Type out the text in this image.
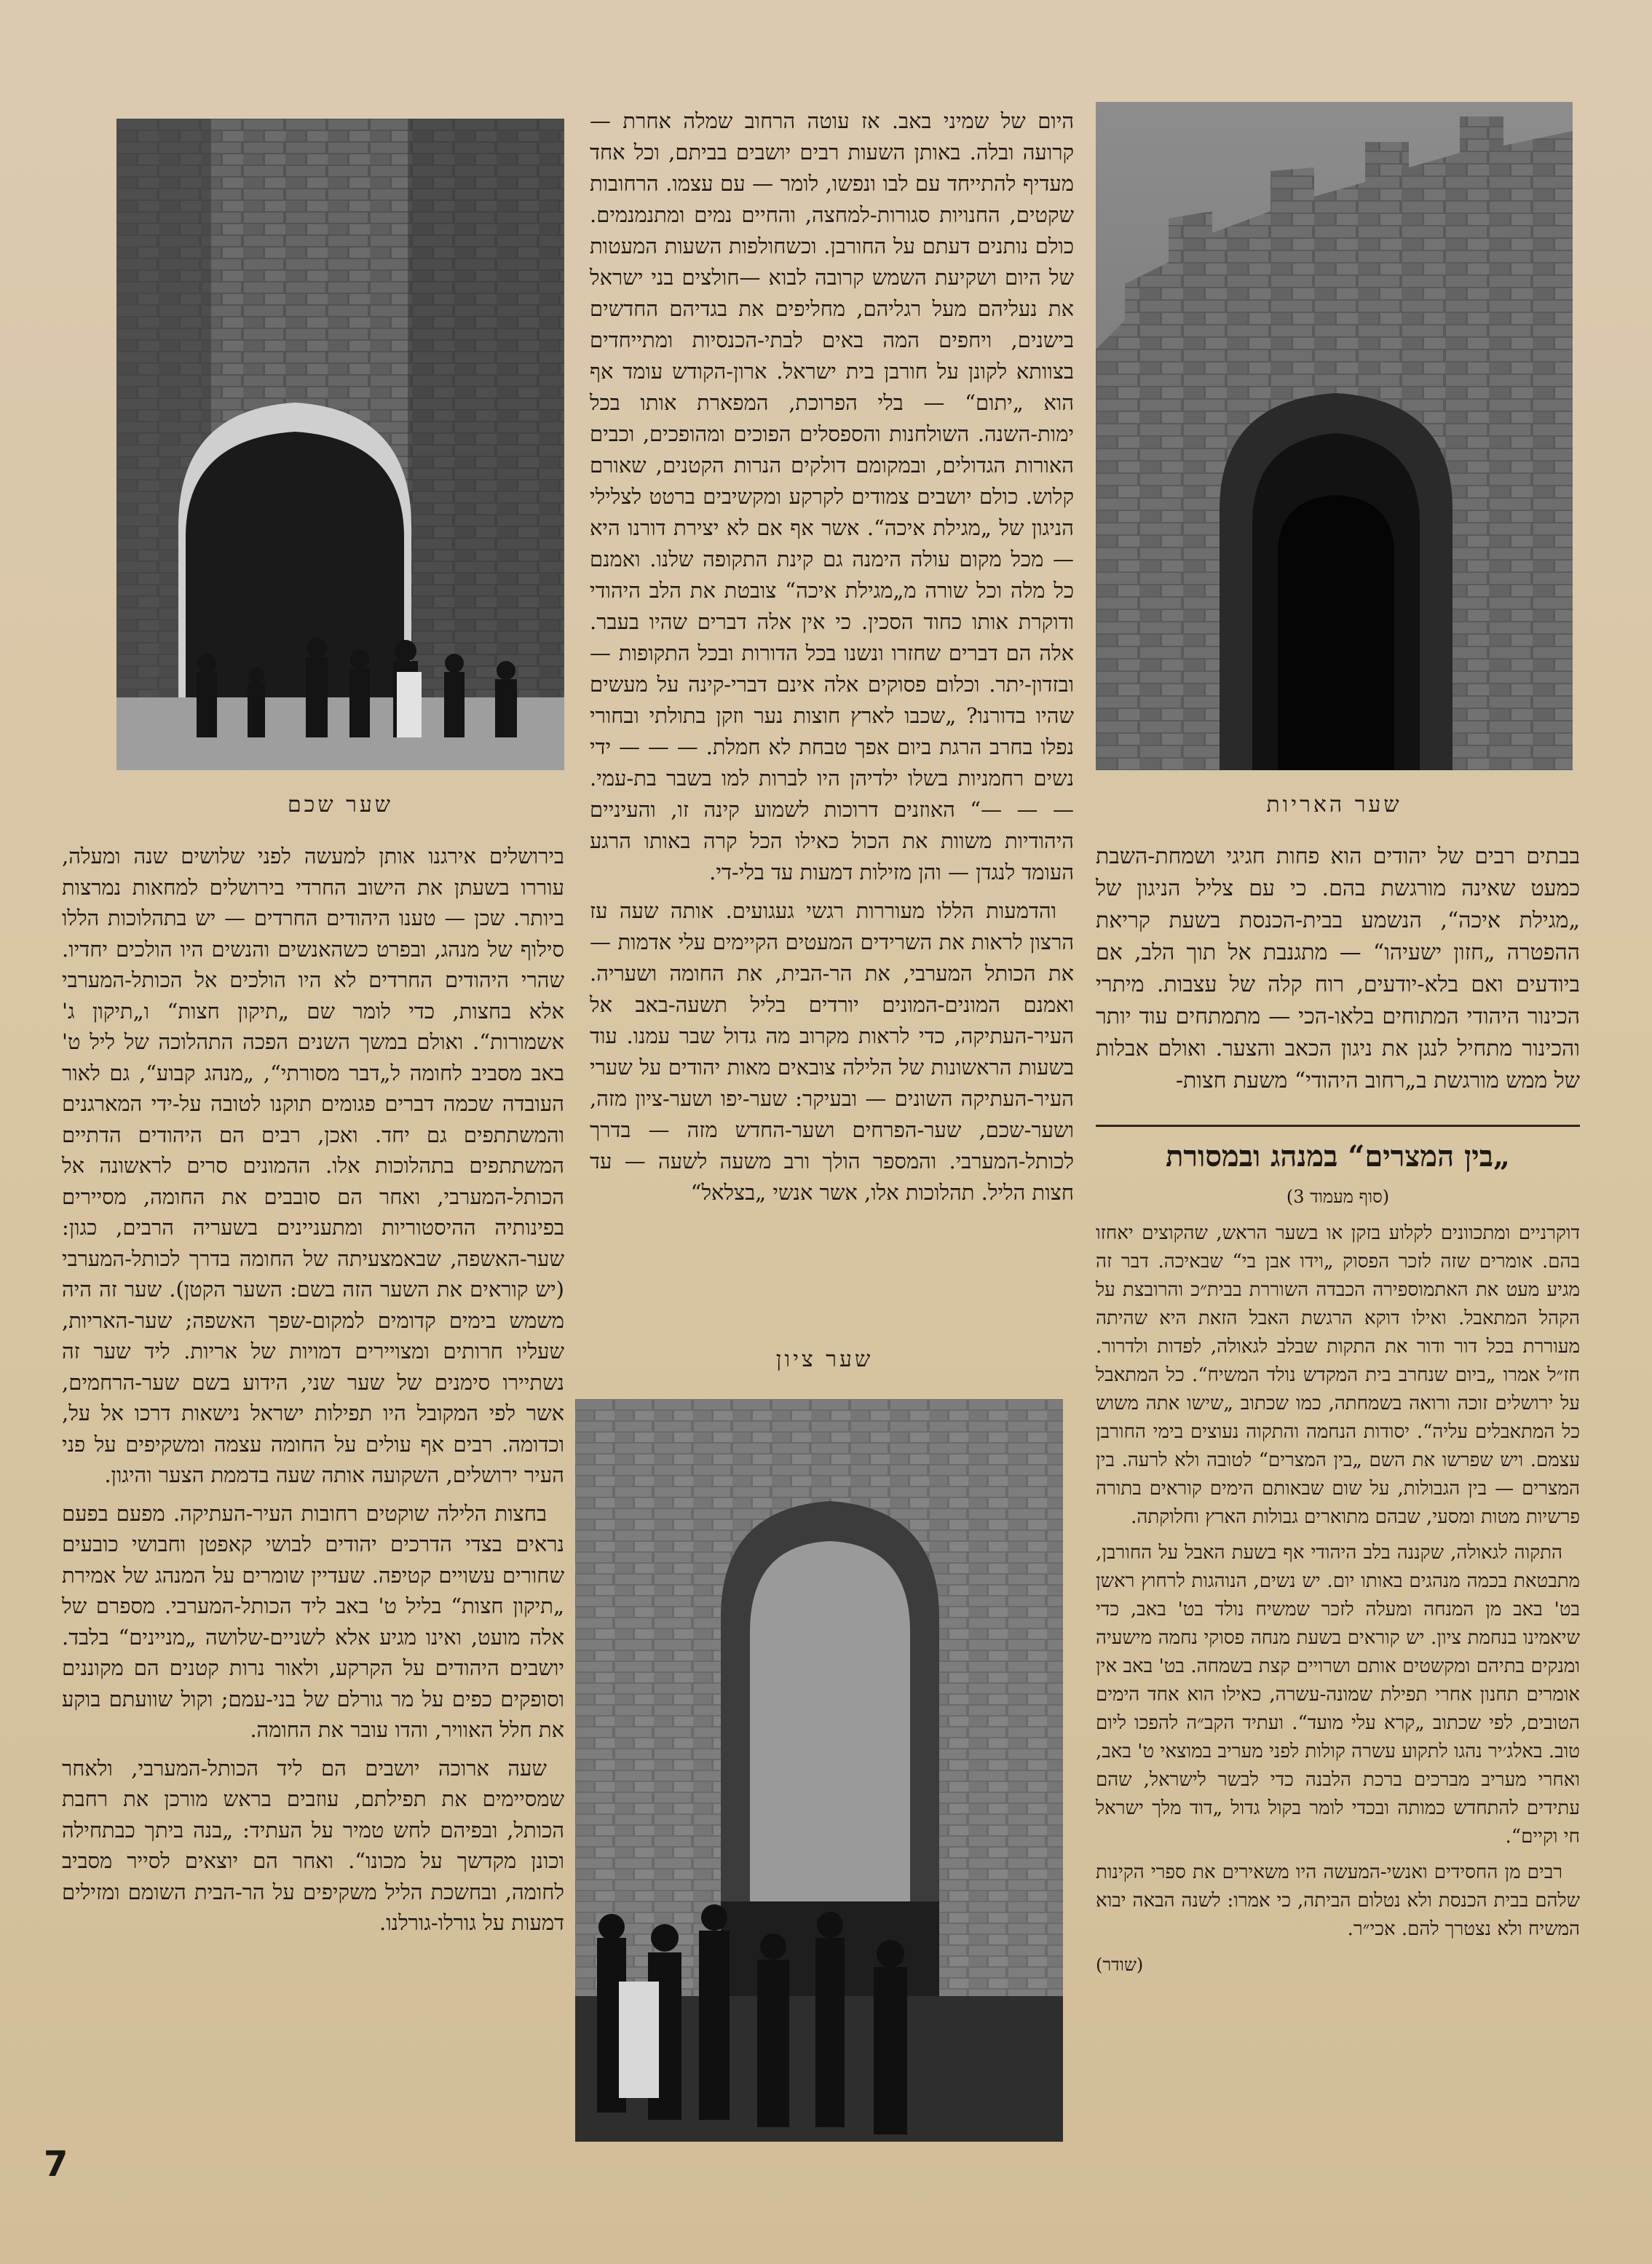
שער האריות

בבתים רבים של יהודים הוא פחות חגיגי ושמחת-השבת כמעט שאינה מורגשת בהם. כי עם צליל הניגון של „מגילת איכה“, הנשמע בבית-הכנסת בשעת קריאת ההפטרה „חזון ישעיהו“ — מתגנבת אל תוך הלב, אם ביודעים ואם בלא-יודעים, רוח קלה של עצבות. מיתרי הכינור היהודי המתוחים בלאו-הכי — מתמתחים עוד יותר והכינור מתחיל לנגן את ניגון הכאב והצער. ואולם אבלות של ממש מורגשת ב„רחוב היהודי“ משעת חצות-

„בין המצרים“ במנהג ובמסורת
(סוף מעמוד 3)

דוקרניים ומתכוונים לקלוע בזקן או בשער הראש, שהקוצים יאחזו בהם. אומרים שזה לזכר הפסוק „וידו אבן בי“ שבאיכה. דבר זה מגיע מעט את האתמוספירה הכבדה השוררת בבית״כ והרובצת על הקהל המתאבל. ואילו דוקא הרגשת האבל הזאת היא שהיתה מעוררת בכל דור ודור את התקות שבלב לגאולה, לפדות ולדרור. חז״ל אמרו „ביום שנחרב בית המקדש נולד המשיח“. כל המתאבל על ירושלים זוכה ורואה בשמחתה, כמו שכתוב „שישו אתה משוש כל המתאבלים עליה“. יסודות הנחמה והתקוה נעוצים בימי החורבן עצמם. ויש שפרשו את השם „בין המצרים“ לטובה ולא לרעה. בין המצרים — בין הגבולות, על שום שבאותם הימים קוראים בתורה פרשיות מטות ומסעי, שבהם מתוארים גבולות הארץ וחלוקתה.

התקוה לגאולה, שקננה בלב היהודי אף בשעת האבל על החורבן, מתבטאת בכמה מנהגים באותו יום. יש נשים, הנוהגות לרחוץ ראשן בט' באב מן המנחה ומעלה לזכר שמשיח נולד בט' באב, כדי שיאמינו בנחמת ציון. יש קוראים בשעת מנחה פסוקי נחמה מישעיה ומנקים בתיהם ומקשטים אותם ושרויים קצת בשמחה. בט' באב אין אומרים תחנון אחרי תפילת שמונה-עשרה, כאילו הוא אחד הימים הטובים, לפי שכתוב „קרא עלי מועד“. ועתיד הקב״ה להפכו ליום טוב. באלג׳יר נהגו לתקוע עשרה קולות לפני מעריב במוצאי ט' באב, ואחרי מעריב מברכים ברכת הלבנה כדי לבשר לישראל, שהם עתידים להתחדש כמותה ובכדי לומר בקול גדול „דוד מלך ישראל חי וקיים“.

רבים מן החסידים ואנשי-המעשה היו משאירים את ספרי הקינות שלהם בבית הכנסת ולא נטלום הביתה, כי אמרו: לשנה הבאה יבוא המשיח ולא נצטרך להם. אכי״ר.

(שודר)

היום של שמיני באב. אז עוטה הרחוב שמלה אחרת — קרועה ובלה. באותן השעות רבים יושבים בביתם, וכל אחד מעדיף להתייחד עם לבו ונפשו, לומר — עם עצמו. הרחובות שקטים, החנויות סגורות-למחצה, והחיים נמים ומתנמנמים. כולם נותנים דעתם על החורבן. וכשחולפות השעות המעטות של היום ושקיעת השמש קרובה לבוא —חולצים בני ישראל את נעליהם מעל רגליהם, מחליפים את בגדיהם החדשים בישנים, ויחפים המה באים לבתי-הכנסיות ומתייחדים בצוותא לקונן על חורבן בית ישראל. ארון-הקודש עומד אף הוא „יתום“ — בלי הפרוכת, המפארת אותו בכל ימות-השנה. השולחנות והספסלים הפוכים ומהופכים, וכבים האורות הגדולים, ובמקומם דולקים הנרות הקטנים, שאורם קלוש. כולם יושבים צמודים לקרקע ומקשיבים ברטט לצלילי הניגון של „מגילת איכה“. אשר אף אם לא יצירת דורנו היא — מכל מקום עולה הימנה גם קינת התקופה שלנו. ואמנם כל מלה וכל שורה מ„מגילת איכה“ צובטת את הלב היהודי ודוקרת אותו כחוד הסכין. כי אין אלה דברים שהיו בעבר. אלה הם דברים שחזרו ונשנו בכל הדורות ובכל התקופות — ובזדון-יתר. וכלום פסוקים אלה אינם דברי-קינה על מעשים שהיו בדורנו? „שכבו לארץ חוצות נער וזקן בתולתי ובחורי נפלו בחרב הרגת ביום אפך טבחת לא חמלת. — — — ידי נשים רחמניות בשלו ילדיהן היו לברות למו בשבר בת-עמי. — — —“ האוזנים דרוכות לשמוע קינה זו, והעיניים היהודיות משוות את הכול כאילו הכל קרה באותו הרגע העומד לנגדן — והן מזילות דמעות עד בלי-די.

והדמעות הללו מעוררות רגשי געגועים. אותה שעה עז הרצון לראות את השרידים המעטים הקיימים עלי אדמות — את הכותל המערבי, את הר-הבית, את החומה ושעריה. ואמנם המונים-המונים יורדים בליל תשעה-באב אל העיר-העתיקה, כדי לראות מקרוב מה גדול שבר עמנו. עוד בשעות הראשונות של הלילה צובאים מאות יהודים על שערי העיר-העתיקה השונים — ובעיקר: שער-יפו ושער-ציון מזה, ושער-שכם, שער-הפרחים ושער-החדש מזה — בדרך לכותל-המערבי. והמספר הולך ורב משעה לשעה — עד חצות הליל. תהלוכות אלו, אשר אנשי „בצלאל“

שער ציון
שער שכם

בירושלים אירגנו אותן למעשה לפני שלושים שנה ומעלה, עוררו בשעתן את הישוב החרדי בירושלים למחאות נמרצות ביותר. שכן — טענו היהודים החרדים — יש בתהלוכות הללו סילוף של מנהג, ובפרט כשהאנשים והנשים היו הולכים יחדיו. שהרי היהודים החרדים לא היו הולכים אל הכותל-המערבי אלא בחצות, כדי לומר שם „תיקון חצות“ ו„תיקון ג' אשמורות“. ואולם במשך השנים הפכה התהלוכה של ליל ט' באב מסביב לחומה ל„דבר מסורתי“, „מנהג קבוע“, גם לאור העובדה שכמה דברים פגומים תוקנו לטובה על-ידי המארגנים והמשתתפים גם יחד. ואכן, רבים הם היהודים הדתיים המשתתפים בתהלוכות אלו. ההמונים סרים לראשונה אל הכותל-המערבי, ואחר הם סובבים את החומה, מסיירים בפינותיה ההיסטוריות ומתעניינים בשעריה הרבים, כגון: שער-האשפה, שבאמצעיתה של החומה בדרך לכותל-המערבי (יש קוראים את השער הזה בשם: השער הקטן). שער זה היה משמש בימים קדומים למקום-שפך האשפה; שער-האריות, שעליו חרותים ומצויירים דמויות של אריות. ליד שער זה נשתיירו סימנים של שער שני, הידוע בשם שער-הרחמים, אשר לפי המקובל היו תפילות ישראל נישאות דרכו אל על, וכדומה. רבים אף עולים על החומה עצמה ומשקיפים על פני העיר ירושלים, השקועה אותה שעה בדממת הצער והיגון.

בחצות הלילה שוקטים רחובות העיר-העתיקה. מפעם בפעם נראים בצדי הדרכים יהודים לבושי קאפטן וחבושי כובעים שחורים עשויים קטיפה. שעדיין שומרים על המנהג של אמירת „תיקון חצות“ בליל ט' באב ליד הכותל-המערבי. מספרם של אלה מועט, ואינו מגיע אלא לשניים-שלושה „מניינים“ בלבד. יושבים היהודים על הקרקע, ולאור נרות קטנים הם מקוננים וסופקים כפים על מר גורלם של בני-עמם; וקול שוועתם בוקע את חלל האוויר, והדו עובר את החומה.

שעה ארוכה יושבים הם ליד הכותל-המערבי, ולאחר שמסיימים את תפילתם, עוזבים בראש מורכן את רחבת הכותל, ובפיהם לחש טמיר על העתיד: „בנה ביתך כבתחילה וכונן מקדשך על מכונו“. ואחר הם יוצאים לסייר מסביב לחומה, ובחשכת הליל משקיפים על הר-הבית השומם ומזילים דמעות על גורלו-גורלנו.

7
